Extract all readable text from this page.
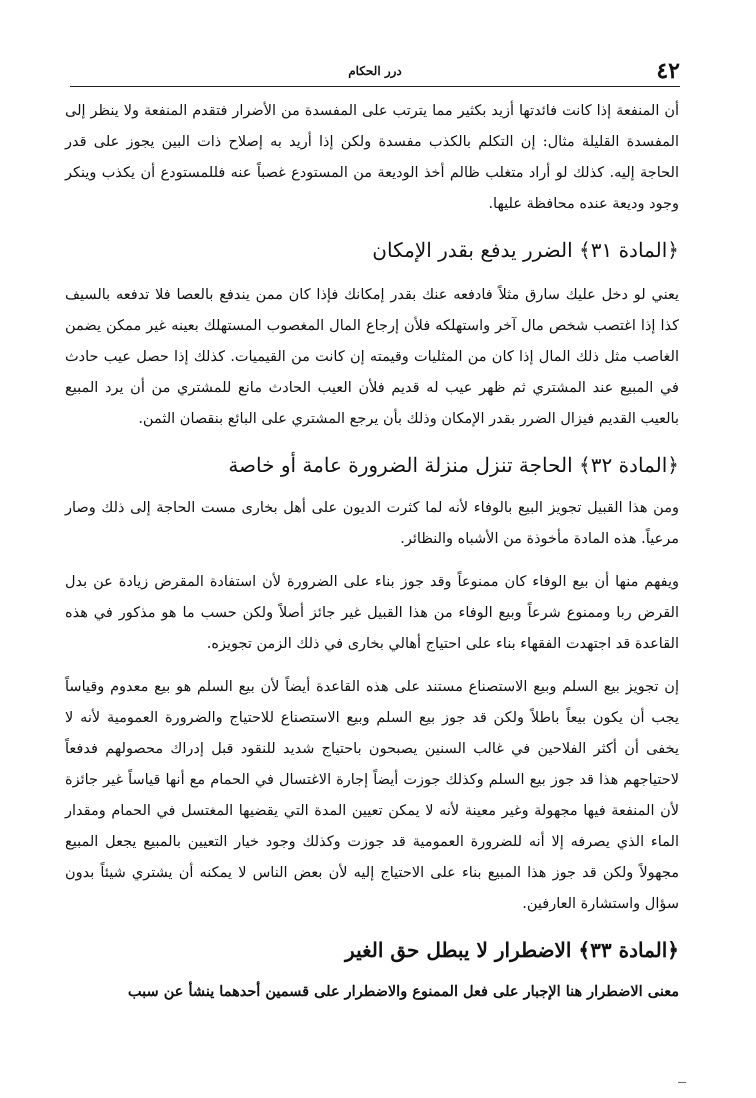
٤٢
درر الحكام

أن المنفعة إذا كانت فائدتها أزيد بكثير مما يترتب على المفسدة من الأضرار فتقدم المنفعة ولا ينظر إلى المفسدة القليلة مثال: إن التكلم بالكذب مفسدة ولكن إذا أريد به إصلاح ذات البين يجوز على قدر الحاجة إليه. كذلك لو أراد متغلب ظالم أخذ الوديعة من المستودع غصباً عنه فللمستودع أن يكذب وينكر وجود وديعة عنده محافظة عليها.

﴿المادة ٣١﴾ الضرر يدفع بقدر الإمكان

يعني لو دخل عليك سارق مثلاً فادفعه عنك بقدر إمكانك فإذا كان ممن يندفع بالعصا فلا تدفعه بالسيف كذا إذا اغتصب شخص مال آخر واستهلكه فلأن إرجاع المال المغصوب المستهلك بعينه غير ممكن يضمن الغاصب مثل ذلك المال إذا كان من المثليات وقيمته إن كانت من القيميات. كذلك إذا حصل عيب حادث في المبيع عند المشتري ثم ظهر عيب له قديم فلأن العيب الحادث مانع للمشتري من أن يرد المبيع بالعيب القديم فيزال الضرر بقدر الإمكان وذلك بأن يرجع المشتري على البائع بنقصان الثمن.

﴿المادة ٣٢﴾ الحاجة تنزل منزلة الضرورة عامة أو خاصة

ومن هذا القبيل تجويز البيع بالوفاء لأنه لما كثرت الديون على أهل بخارى مست الحاجة إلى ذلك وصار مرعياً. هذه المادة مأخوذة من الأشباه والنظائر.

ويفهم منها أن بيع الوفاء كان ممنوعاً وقد جوز بناء على الضرورة لأن استفادة المقرض زيادة عن بدل القرض ربا وممنوع شرعاً وبيع الوفاء من هذا القبيل غير جائز أصلاً ولكن حسب ما هو مذكور في هذه القاعدة قد اجتهدت الفقهاء بناء على احتياج أهالي بخارى في ذلك الزمن تجويزه.

إن تجويز بيع السلم وبيع الاستصناع مستند على هذه القاعدة أيضاً لأن بيع السلم هو بيع معدوم وقياساً يجب أن يكون بيعاً باطلاً ولكن قد جوز بيع السلم وبيع الاستصناع للاحتياج والضرورة العمومية لأنه لا يخفى أن أكثر الفلاحين في غالب السنين يصبحون باحتياج شديد للنقود قبل إدراك محصولهم فدفعاً لاحتياجهم هذا قد جوز بيع السلم وكذلك جوزت أيضاً إجارة الاغتسال في الحمام مع أنها قياساً غير جائزة لأن المنفعة فيها مجهولة وغير معينة لأنه لا يمكن تعيين المدة التي يقضيها المغتسل في الحمام ومقدار الماء الذي يصرفه إلا أنه للضرورة العمومية قد جوزت وكذلك وجود خيار التعيين بالمبيع يجعل المبيع مجهولاً ولكن قد جوز هذا المبيع بناء على الاحتياج إليه لأن بعض الناس لا يمكنه أن يشتري شيئاً بدون سؤال واستشارة العارفين.

﴿المادة ٣٣﴾ الاضطرار لا يبطل حق الغير

معنى الاضطرار هنا الإجبار على فعل الممنوع والاضطرار على قسمين أحدهما ينشأ عن سبب
